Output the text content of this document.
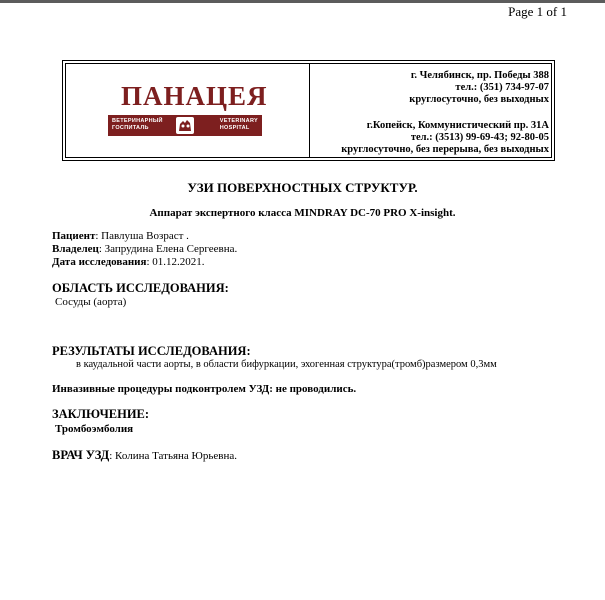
Page 1 of 1
ПАНАЦЕЯ
ВЕТЕРИНАРНЫЙ
ГОСПИТАЛЬ
VETERINARY
HOSPITAL
г. Челябинск, пр. Победы 388
тел.: (351) 734-97-07
круглосуточно, без выходных
г.Копейск, Коммунистический пр. 31А
тел.: (3513) 99-69-43; 92-80-05
круглосуточно, без перерыва, без выходных
УЗИ ПОВЕРХНОСТНЫХ СТРУКТУР.
Аппарат экспертного класса MINDRAY DC-70 PRO X-insight.
Пациент: Павлуша Возраст .
Владелец: Запрудина Елена Сергеевна.
Дата исследования: 01.12.2021.
ОБЛАСТЬ ИССЛЕДОВАНИЯ:
Сосуды (аорта)
РЕЗУЛЬТАТЫ ИССЛЕДОВАНИЯ:
в каудальной части аорты, в области бифуркации, эхогенная структура(тромб)размером 0,3мм
Инвазивные процедуры подконтролем УЗД: не проводились.
ЗАКЛЮЧЕНИЕ:
Тромбоэмболия
ВРАЧ УЗД: Колина Татьяна Юрьевна.
